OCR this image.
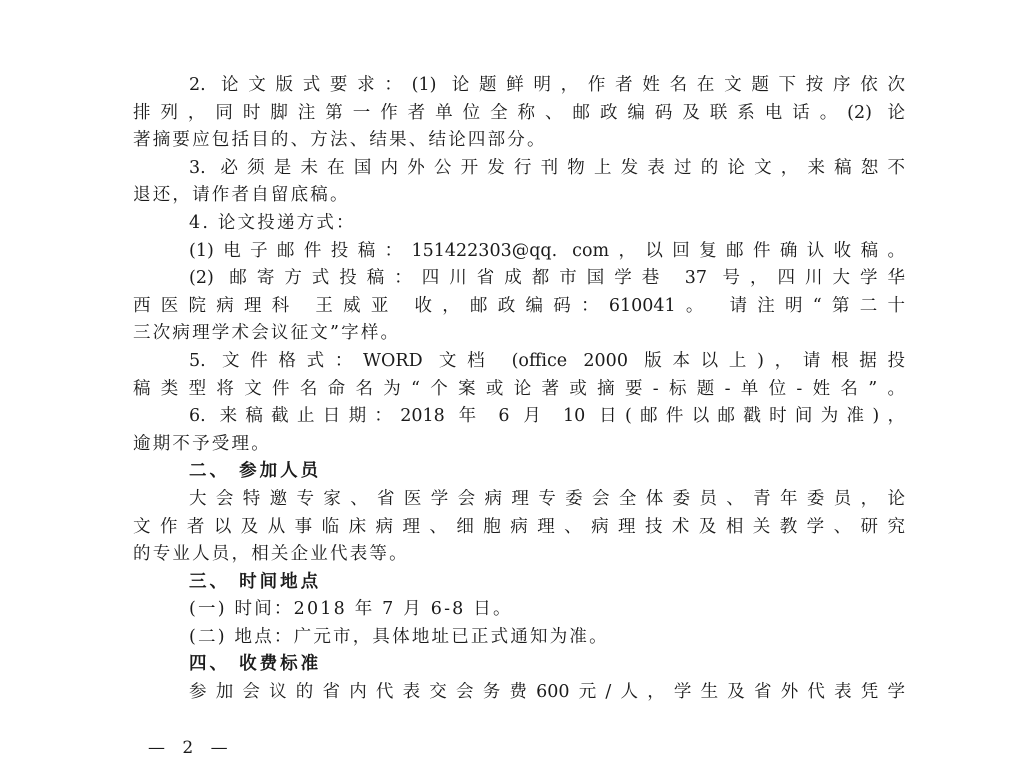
2. 论文版式要求：(1) 论题鲜明，作者姓名在文题下按序依次
排列，同时脚注第一作者单位全称、邮政编码及联系电话。(2) 论
著摘要应包括目的、方法、结果、结论四部分。
3. 必须是未在国内外公开发行刊物上发表过的论文，来稿恕不
退还，请作者自留底稿。
4. 论文投递方式：
(1)电子邮件投稿：151422303@qq. com，以回复邮件确认收稿。
(2) 邮寄方式投稿：四川省成都市国学巷 37 号，四川大学华
西医院病理科 王威亚 收，邮政编码：610041。 请注明“第二十
三次病理学术会议征文”字样。
5. 文件格式：WORD 文档 (office 2000 版本以上)，请根据投
稿类型将文件名命名为“个案或论著或摘要-标题-单位-姓名”。
6. 来稿截止日期：2018 年 6 月 10 日(邮件以邮戳时间为准)，
逾期不予受理。
二、 参加人员
大会特邀专家、省医学会病理专委会全体委员、青年委员，论
文作者以及从事临床病理、细胞病理、病理技术及相关教学、研究
的专业人员，相关企业代表等。
三、 时间地点
(一) 时间：2018 年 7 月 6-8 日。
(二) 地点：广元市，具体地址已正式通知为准。
四、 收费标准
参加会议的省内代表交会务费600元/人，学生及省外代表凭学
— 2 —
